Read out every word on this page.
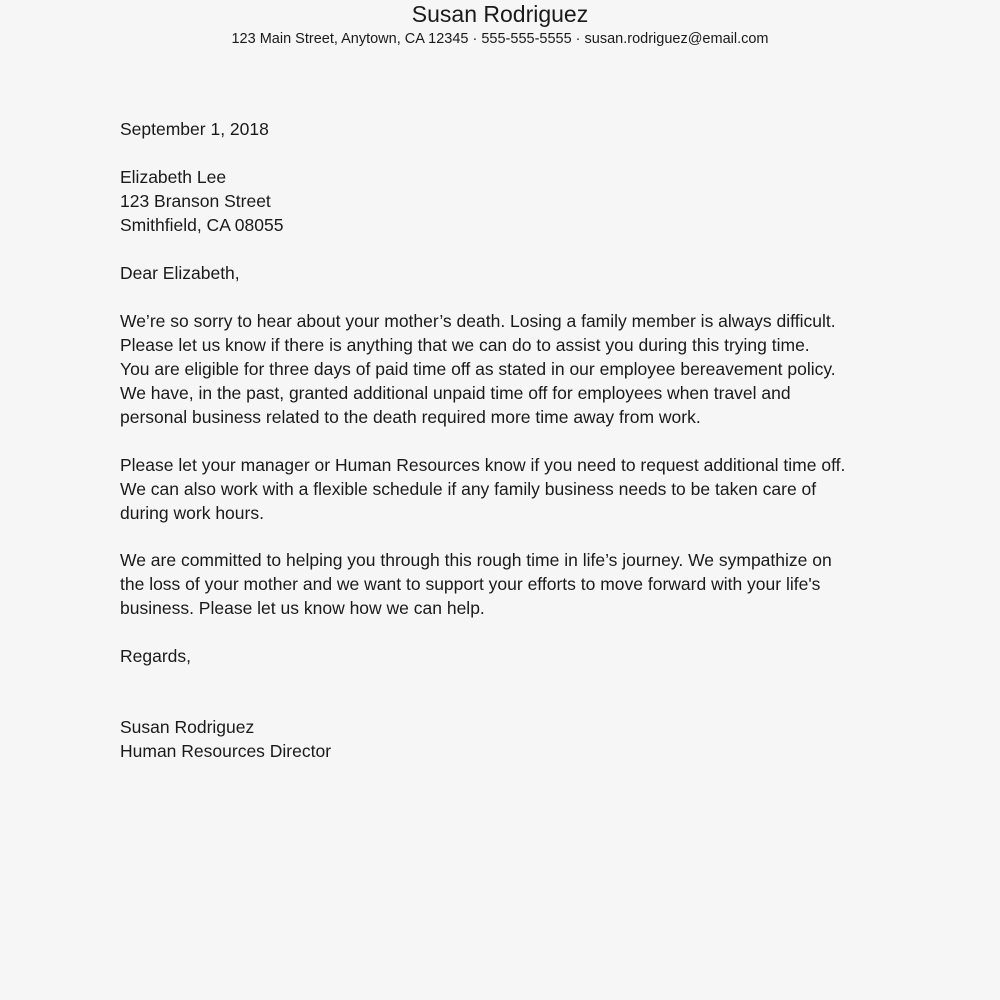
Susan Rodriguez
123 Main Street, Anytown, CA 12345 · 555-555-5555 · susan.rodriguez@email.com
September 1, 2018
Elizabeth Lee
123 Branson Street
Smithfield, CA 08055
Dear Elizabeth,
We’re so sorry to hear about your mother’s death. Losing a family member is always difficult.
Please let us know if there is anything that we can do to assist you during this trying time.
You are eligible for three days of paid time off as stated in our employee bereavement policy.
We have, in the past, granted additional unpaid time off for employees when travel and
personal business related to the death required more time away from work.
Please let your manager or Human Resources know if you need to request additional time off.
We can also work with a flexible schedule if any family business needs to be taken care of
during work hours.
We are committed to helping you through this rough time in life’s journey. We sympathize on
the loss of your mother and we want to support your efforts to move forward with your life's
business. Please let us know how we can help.
Regards,
Susan Rodriguez
Human Resources Director
